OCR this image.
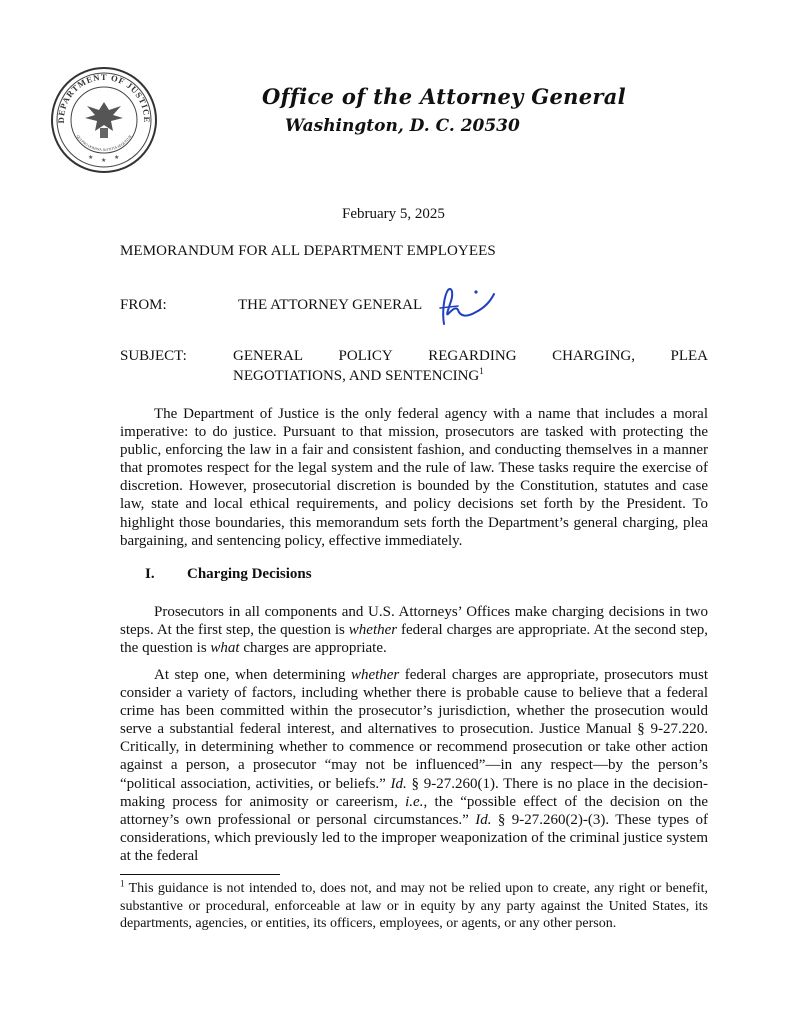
DEPARTMENT OF JUSTICE
QUI PRO DOMINA JUSTITIA SEQUITUR
★ ★ ★
Office of the Attorney General
Washington, D. C. 20530
February 5, 2025
MEMORANDUM FOR ALL DEPARTMENT EMPLOYEES
FROM:	THE ATTORNEY GENERAL
SUBJECT:	GENERAL POLICY REGARDING CHARGING, PLEA
NEGOTIATIONS, AND SENTENCING$^1$

The Department of Justice is the only federal agency with a name that includes a moral imperative: to do justice. Pursuant to that mission, prosecutors are tasked with protecting the public, enforcing the law in a fair and consistent fashion, and conducting themselves in a manner that promotes respect for the legal system and the rule of law. These tasks require the exercise of discretion. However, prosecutorial discretion is bounded by the Constitution, statutes and case law, state and local ethical requirements, and policy decisions set forth by the President. To highlight those boundaries, this memorandum sets forth the Department’s general charging, plea bargaining, and sentencing policy, effective immediately.

I. Charging Decisions

Prosecutors in all components and U.S. Attorneys’ Offices make charging decisions in two steps. At the first step, the question is whether federal charges are appropriate. At the second step, the question is what charges are appropriate.

At step one, when determining whether federal charges are appropriate, prosecutors must consider a variety of factors, including whether there is probable cause to believe that a federal crime has been committed within the prosecutor’s jurisdiction, whether the prosecution would serve a substantial federal interest, and alternatives to prosecution. Justice Manual § 9-27.220. Critically, in determining whether to commence or recommend prosecution or take other action against a person, a prosecutor “may not be influenced”—in any respect—by the person’s “political association, activities, or beliefs.” Id. § 9-27.260(1). There is no place in the decision-making process for animosity or careerism, i.e., the “possible effect of the decision on the attorney’s own professional or personal circumstances.” Id. § 9-27.260(2)-(3). These types of considerations, which previously led to the improper weaponization of the criminal justice system at the federal

$^1$ This guidance is not intended to, does not, and may not be relied upon to create, any right or benefit, substantive or procedural, enforceable at law or in equity by any party against the United States, its departments, agencies, or entities, its officers, employees, or agents, or any other person.
